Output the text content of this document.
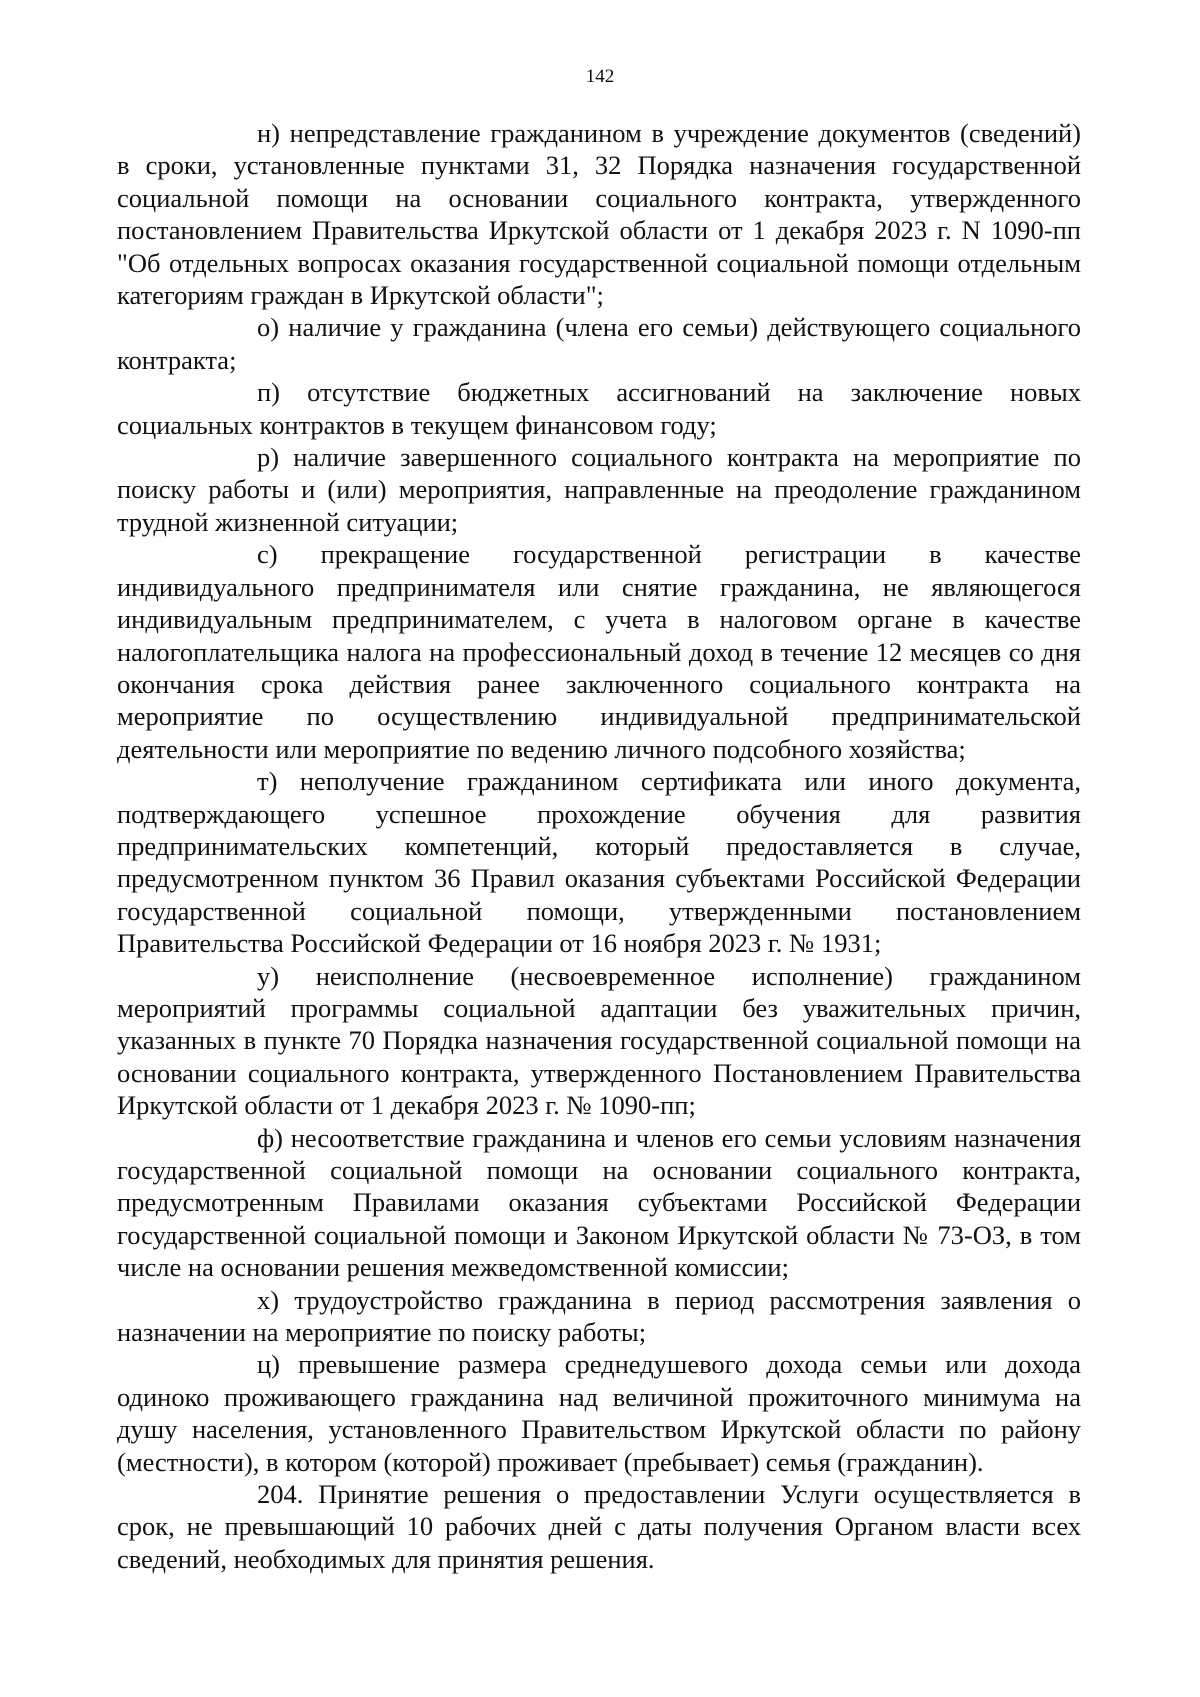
142

н) непредставление гражданином в учреждение документов (сведений) в сроки, установленные пунктами 31, 32 Порядка назначения государственной социальной помощи на основании социального контракта, утвержденного постановлением Правительства Иркутской области от 1 декабря 2023 г. N 1090-пп "Об отдельных вопросах оказания государственной социальной помощи отдельным категориям граждан в Иркутской области";

о) наличие у гражданина (члена его семьи) действующего социального контракта;

п) отсутствие бюджетных ассигнований на заключение новых социальных контрактов в текущем финансовом году;

р) наличие завершенного социального контракта на мероприятие по поиску работы и (или) мероприятия, направленные на преодоление гражданином трудной жизненной ситуации;

с) прекращение государственной регистрации в качестве индивидуального предпринимателя или снятие гражданина, не являющегося индивидуальным предпринимателем, с учета в налоговом органе в качестве налогоплательщика налога на профессиональный доход в течение 12 месяцев со дня окончания срока действия ранее заключенного социального контракта на мероприятие по осуществлению индивидуальной предпринимательской деятельности или мероприятие по ведению личного подсобного хозяйства;

т) неполучение гражданином сертификата или иного документа, подтверждающего успешное прохождение обучения для развития предпринимательских компетенций, который предоставляется в случае, предусмотренном пунктом 36 Правил оказания субъектами Российской Федерации государственной социальной помощи, утвержденными постановлением Правительства Российской Федерации от 16 ноября 2023 г. № 1931;

у) неисполнение (несвоевременное исполнение) гражданином мероприятий программы социальной адаптации без уважительных причин, указанных в пункте 70 Порядка назначения государственной социальной помощи на основании социального контракта, утвержденного Постановлением Правительства Иркутской области от 1 декабря 2023 г. № 1090-пп;

ф) несоответствие гражданина и членов его семьи условиям назначения государственной социальной помощи на основании социального контракта, предусмотренным Правилами оказания субъектами Российской Федерации государственной социальной помощи и Законом Иркутской области № 73-ОЗ, в том числе на основании решения межведомственной комиссии;

х) трудоустройство гражданина в период рассмотрения заявления о назначении на мероприятие по поиску работы;

ц) превышение размера среднедушевого дохода семьи или дохода одиноко проживающего гражданина над величиной прожиточного минимума на душу населения, установленного Правительством Иркутской области по району (местности), в котором (которой) проживает (пребывает) семья (гражданин).

204. Принятие решения о предоставлении Услуги осуществляется в срок, не превышающий 10 рабочих дней с даты получения Органом власти всех сведений, необходимых для принятия решения.
